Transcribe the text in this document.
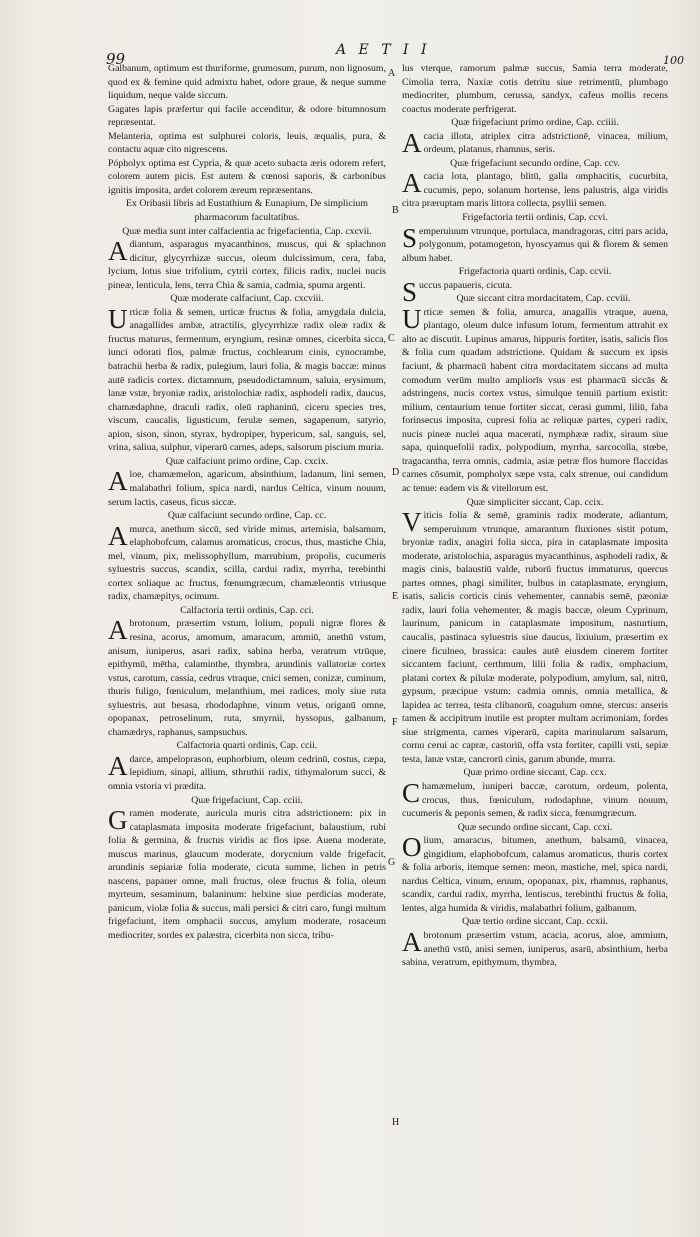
99	A E T I I
100

Galbanum, optimum est thuriforme, grumosum, purum, non lignosum, quod ex & femine quid admixtu habet, odore graue, & neque summe liquidum, neque valde siccum.

Gagates lapis præfertur qui facile accenditur, & odore bitumnosum repræsentat.

Melanteria, optima est sulphurei coloris, leuis, æqualis, pura, & contactu aquæ cito nigrescens.

Pópholyx optima est Cypria, & quæ aceto subacta æris odorem refert, colorem autem picis. Est autem & cœnosi saporis, & carbonibus ignitis imposita, ardet colorem æreum repræsentans.

Ex Oribasii libris ad Eustathium & Eunapium, De simplicium pharmacorum facultatibus.

Quæ media sunt inter calfacientia ac frigefacientia, Cap. cxcvii.

Adiantum, asparagus myacanthinos, muscus, qui & splachnon dicitur, glycyrrhizæ succus, oleum dulcissimum, cera, faba, lycium, lotus siue trifolium, cytrii cortex, filicis radix, nuclei nucis pineæ, lenticula, lens, terra Chia & samia, cadmia, spuma argenti.

Quæ moderate calfaciunt, Cap. cxcviii.

Urticæ folia & semen, urticæ fructus & folia, amygdala dulcia, anagallides ambæ, atractilis, glycyrrhizæ radix oleæ radix & fructus maturus, fermentum, eryngium, resinæ omnes, cicerbita sicca, iunci odorati flos, palmæ fructus, cochlearum cinis, cynocrambe, batrachii herba & radix, pulegium, lauri folia, & magis baccæ: minus autē radicis cortex. dictamnum, pseudodictamnum, saluia, erysimum, lanæ vstæ, bryoniæ radix, aristolochiæ radix, asphodeli radix, daucus, chamædaphne, draculi radix, oleū raphaninū, ciceru species tres, viscum, caucalis, ligusticum, ferulæ semen, sagapenum, satyrio, apion, sison, sinon, styrax, hydropiper, hypericum, sal, sanguis, sel, vrina, saliua, sulphur, viperarū carnes, adeps, salsorum piscium muria.

Quæ calfaciunt primo ordine, Cap. cxcix.

Aloe, chamæmelon, agaricum, absinthium, ladanum, lini semen, malabathri folium, spica nardi, nardus Celtica, vinum nouum, serum lactis, caseus, ficus siccæ.

Quæ calfaciunt secundo ordine, Cap. cc.

Amurca, anethum siccū, sed viride minus, artemisia, balsamum, elaphobofcum, calamus aromaticus, crocus, thus, mastiche Chia, mel, vinum, pix, melissophyllum, marrubium, propolis, cucumeris syluestris succus, scandix, scilla, cardui radix, myrrha, terebinthi cortex soliaque ac fructus, fœnumgræcum, chamæleontis vtriusque radix, chamæpitys, ocimum.

Calfactoria tertii ordinis, Cap. cci.

Abrotonum, præsertim vstum, lolium, populi nigræ flores & resina, acorus, amomum, amaracum, ammiū, anethū vstum, anisum, iuniperus, asari radix, sabina herba, veratrum vtrūque, epithymū, mētha, calaminthe, thymbra, arundinis vallatoriæ cortex vstus, carotum, cassia, cedrus vtraque, cnici semen, conizæ, cuminum, thuris fuligo, fœniculum, melanthium, mei radices, moly siue ruta syluestris, aut besasa, rhododaphne, vinum vetus, origanū omne, opopanax, petroselinum, ruta, smyrnii, hyssopus, galbanum, chamædrys, raphanus, sampsuchus.

Calfactoria quarti ordinis, Cap. ccii.

Adarce, ampeloprason, euphorbium, oleum cedrinū, costus, cæpa, lepidium, sinapi, allium, sthruthii radix, tithymalorum succi, & omnia vstoria vi prædita.

Quæ frigefaciunt, Cap. cciii.

Gramen moderate, auricula muris citra adstrictionem: pix in cataplasmata imposita moderate frigefaciunt, balaustium, rubi folia & germina, & fructus viridis ac flos ipse. Auena moderate, muscus marinus, glaucum moderate, dorycnium valde frigefacit, arundinis sepiariæ folia moderate, cicuta summe, lichen in petris nascens, papauer omne, mali fructus, oleæ fructus & folia, oleum myrteum, sesaminum, balaninum: helxine siue perdicias moderate, panicum, violæ folia & succus, mali persici & citri caro, fungi multum frigefaciunt, item omphacii succus, amylum moderate, rosaceum mediocriter, sordes ex palæstra, cicerbita non sicca, tribu-

lus vterque, ramorum palmæ succus, Samia terra moderate, Cimolia terra, Naxiæ cotis detritu siue retrimentū, plumbago mediocriter, plumbum, cerussa, sandyx, cafeus mollis recens coactus moderate perfrigerat.

Quæ frigefaciunt primo ordine, Cap. cciiii.

Acacia illota, atriplex citra adstrictionē, vinacea, milium, ordeum, platanus, rhamnus, seris.

Quæ frigefaciunt secundo ordine, Cap. ccv.

Acacia lota, plantago, blitū, galla omphacitis, cucurbita, cucumis, pepo, solanum hortense, lens palustris, alga viridis citra præruptam maris littora collecta, psyllii semen.

Frigefactoria tertii ordinis, Cap. ccvi.

Semperuiuum vtrunque, portulaca, mandragoras, citri pars acida, polygonum, potamogeton, hyoscyamus qui & florem & semen album habet.

Frigefactoria quarti ordinis, Cap. ccvii.

Succus papaueris, cicuta.

Quæ siccant citra mordacitatem, Cap. ccviii.

Urticæ semen & folia, amurca, anagallis vtraque, auena, plantago, oleum dulce infusum lotum, fermentum attrahit ex alto ac discutit. Lupinus amarus, hippuris fortiter, isatis, salicis flos & folia cum quadam adstrictione. Quidam & succum ex ipsis faciunt, & pharmacū habent citra mordacitatem siccans ad multa comodum verūm multo ampliorīs vsus est pharmacū siccās & adstringens, nucis cortex vstus, simulque tenuiū partium existit: milium, centaurium tenue fortiter siccat, cerasi gummi, liliū, faba forinsecus imposita, cupresi folia ac reliquæ partes, cyperi radix, nucis pineæ nuclei aqua macerati, nymphææ radix, siraum siue sapa, quinquefolii radix, polypodium, myrrha, sarcocolla, stœbe, tragacantha, terra omnis, cadmia, asiæ petræ flos humore flaccidas carnes cōsumit, pompholyx sæpe vsta, calx strenue, oui candidum ac tenue: eadem vis & vitellorum est.

Quæ simpliciter siccant, Cap. ccix.

Viticis folia & semē, graminis radix moderate, adiantum, semperuiuum vtrunque, amarantum fluxiones sistit potum, bryoniæ radix, anagiri folia sicca, pira in cataplasmate imposita moderate, aristolochia, asparagus myacanthinus, asphodeli radix, & magis cinis, balaustiū valde, ruborū fructus immaturus, quercus partes omnes, phagi similiter, bulbus in cataplasmate, eryngium, isatis, salicis corticis cinis vehementer, cannabis semē, pæoniæ radix, lauri folia vehementer, & magis baccæ, oleum Cyprinum, laurinum, panicum in cataplasmate impositum, nasturtium, caucalis, pastinaca syluestris siue daucus, lixiuium, præsertim ex cinere ficulneo, brassica: caules autē eiusdem cinerem fortiter siccantem faciunt, certhmum, lilii folia & radix, omphacium, platani cortex & pilulæ moderate, polypodium, amylum, sal, nitrū, gypsum, præcipue vstum: cadmia omnis, omnia metallica, & lapidea ac terrea, testa clibanorū, coagulum omne, stercus: anseris tamen & accipitrum inutile est propter multam acrimoniam, fordes siue strigmenta, carnes viperarū, capita marinularum salsarum, cornu cerui ac capræ, castoriū, offa vsta fortiter, capilli vsti, sepiæ testa, lanæ vstæ, cancrorū cinis, garum abunde, murra.

Quæ primo ordine siccant, Cap. ccx.

Chamæmelum, iuniperi baccæ, carotum, ordeum, polenta, crocus, thus, fœniculum, rododaphne, vinum nouum, cucumeris & peponis semen, & radix sicca, fœnumgræcum.

Quæ secundo ordine siccant, Cap. ccxi.

Olium, amaracus, bitumen, anethum, balsamū, vinacea, gingidium, elaphobofcum, calamus aromaticus, thuris cortex & folia arboris, itemque semen: meon, mastiche, mel, spica nardi, nardus Celtica, vinum, eruum, opopanax, pix, rhamnus, raphanus, scandix, cardui radix, myrrha, lentiscus, terebinthi fructus & folia, lentes, alga humida & viridis, malabathri folium, galbanum.

Quæ tertio ordine siccant, Cap. ccxii.

Abrotonum præsertim vstum, acacia, acorus, aloe, ammium, anethū vstū, anisi semen, iuniperus, asarū, absinthium, herba sabina, veratrum, epithymum, thymbra,

A
B
C
D
E
F
G
H
